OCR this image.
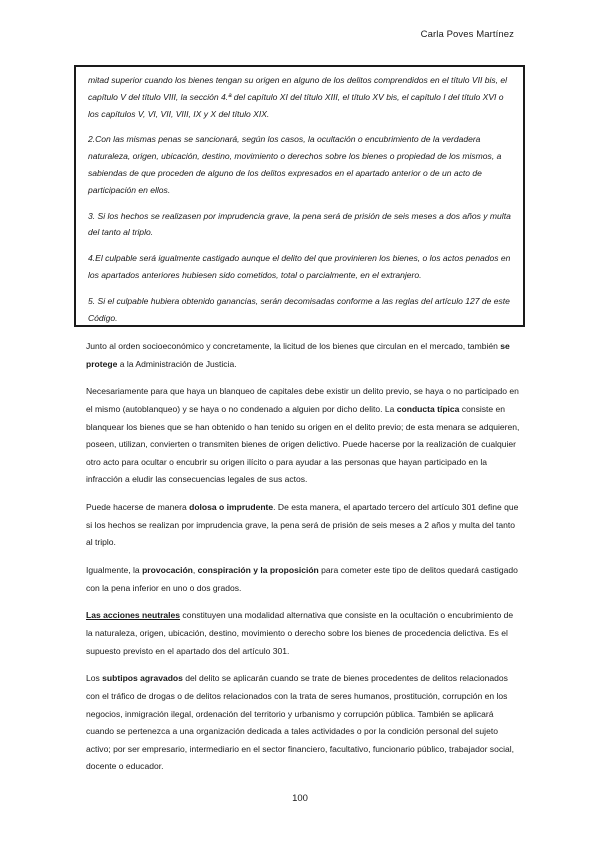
Carla Poves Martínez

mitad superior cuando los bienes tengan su origen en alguno de los delitos comprendidos en el título VII bis, el capítulo V del título VIII, la sección 4.ª del capítulo XI del título XIII, el título XV bis, el capítulo I del título XVI o los capítulos V, VI, VII, VIII, IX y X del título XIX.

2.Con las mismas penas se sancionará, según los casos, la ocultación o encubrimiento de la verdadera naturaleza, origen, ubicación, destino, movimiento o derechos sobre los bienes o propiedad de los mismos, a sabiendas de que proceden de alguno de los delitos expresados en el apartado anterior o de un acto de participación en ellos.

3. Si los hechos se realizasen por imprudencia grave, la pena será de prisión de seis meses a dos años y multa del tanto al triplo.

4.El culpable será igualmente castigado aunque el delito del que provinieren los bienes, o los actos penados en los apartados anteriores hubiesen sido cometidos, total o parcialmente, en el extranjero.

5. Si el culpable hubiera obtenido ganancias, serán decomisadas conforme a las reglas del artículo 127 de este Código.

Junto al orden socioeconómico y concretamente, la licitud de los bienes que circulan en el mercado, también se protege a la Administración de Justicia.

Necesariamente para que haya un blanqueo de capitales debe existir un delito previo, se haya o no participado en el mismo (autoblanqueo) y se haya o no condenado a alguien por dicho delito. La conducta típica consiste en blanquear los bienes que se han obtenido o han tenido su origen en el delito previo; de esta menara se adquieren, poseen, utilizan, convierten o transmiten bienes de origen delictivo. Puede hacerse por la realización de cualquier otro acto para ocultar o encubrir su origen ilícito o para ayudar a las personas que hayan participado en la infracción a eludir las consecuencias legales de sus actos.

Puede hacerse de manera dolosa o imprudente. De esta manera, el apartado tercero del artículo 301 define que si los hechos se realizan por imprudencia grave, la pena será de prisión de seis meses a 2 años y multa del tanto al triplo.

Igualmente, la provocación, conspiración y la proposición para cometer este tipo de delitos quedará castigado con la pena inferior en uno o dos grados.

Las acciones neutrales constituyen una modalidad alternativa que consiste en la ocultación o encubrimiento de la naturaleza, origen, ubicación, destino, movimiento o derecho sobre los bienes de procedencia delictiva. Es el supuesto previsto en el apartado dos del artículo 301.

Los subtipos agravados del delito se aplicarán cuando se trate de bienes procedentes de delitos relacionados con el tráfico de drogas o de delitos relacionados con la trata de seres humanos, prostitución, corrupción en los negocios, inmigración ilegal, ordenación del territorio y urbanismo y corrupción pública. También se aplicará cuando se pertenezca a una organización dedicada a tales actividades o por la condición personal del sujeto activo; por ser empresario, intermediario en el sector financiero, facultativo, funcionario público, trabajador social, docente o educador.

100
